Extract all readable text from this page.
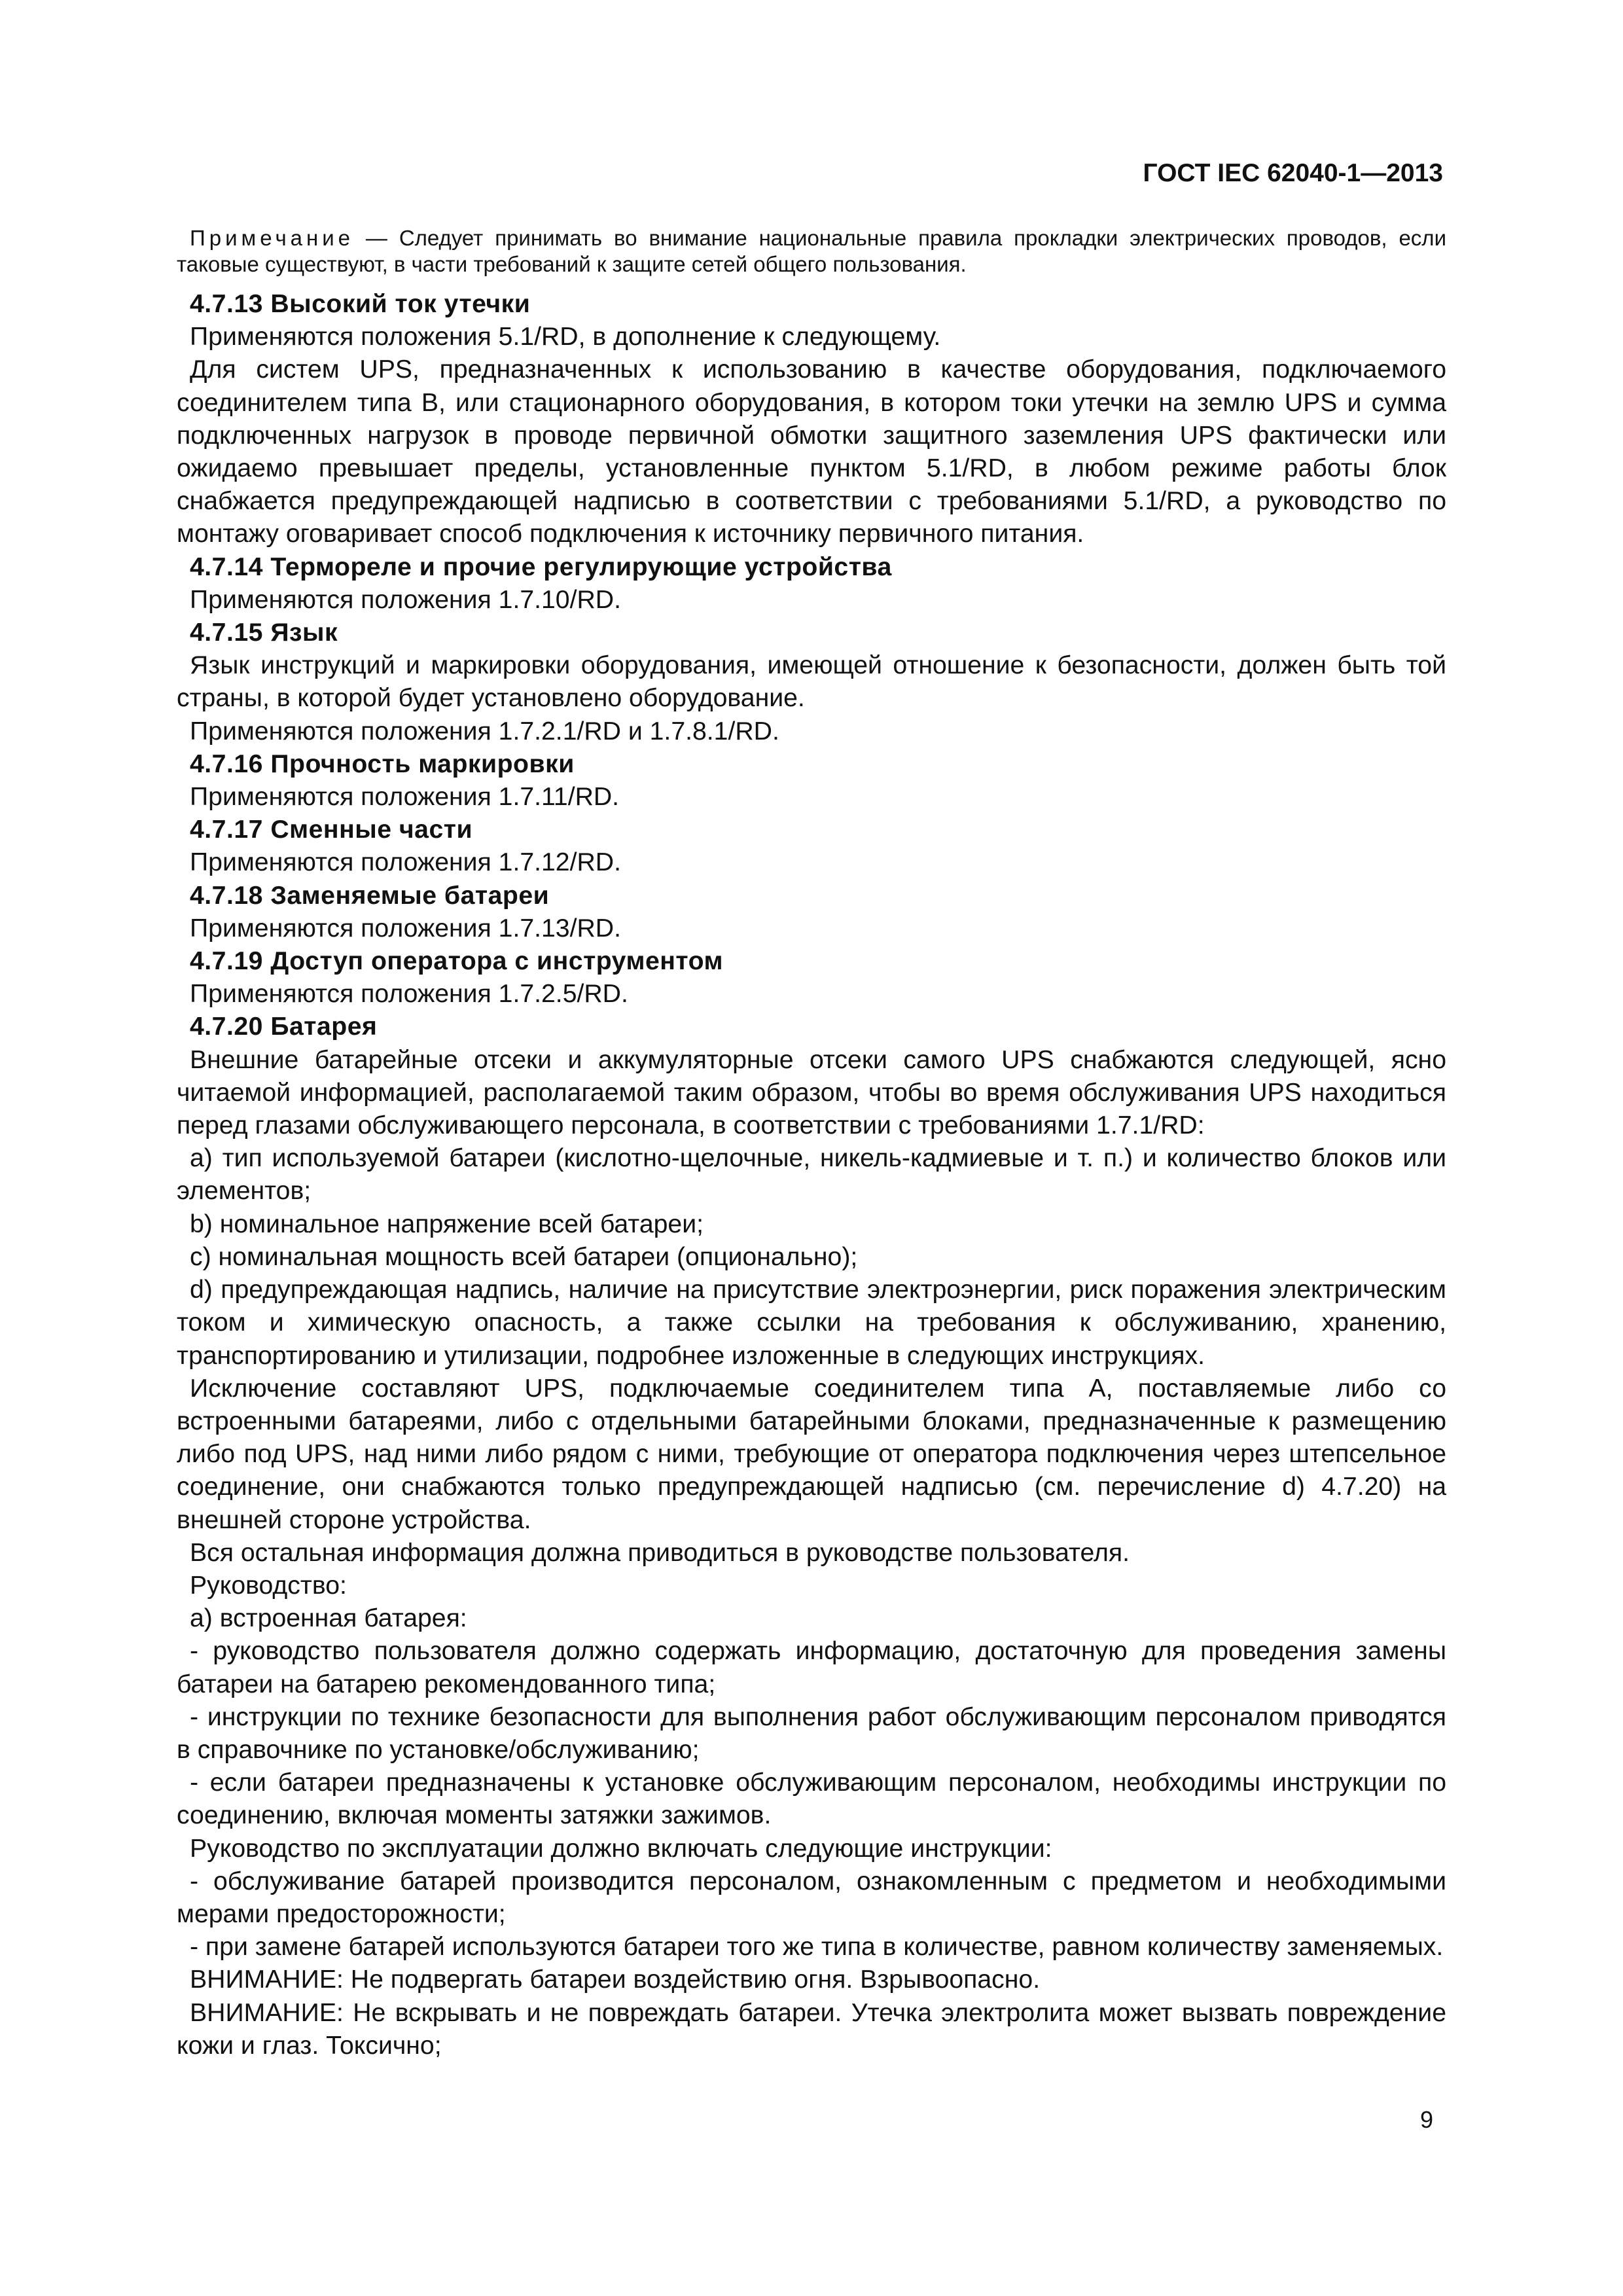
ГОСТ IEC 62040-1—2013

Примечание — Следует принимать во внимание национальные правила прокладки электрических проводов, если таковые существуют, в части требований к защите сетей общего пользования.

4.7.13 Высокий ток утечки

Применяются положения 5.1/RD, в дополнение к следующему.

Для систем UPS, предназначенных к использованию в качестве оборудования, подключаемого соединителем типа В, или стационарного оборудования, в котором токи утечки на землю UPS и сумма подключенных нагрузок в проводе первичной обмотки защитного заземления UPS фактически или ожидаемо превышает пределы, установленные пунктом 5.1/RD, в любом режиме работы блок снабжается предупреждающей надписью в соответствии с требованиями 5.1/RD, а руководство по монтажу оговаривает способ подключения к источнику первичного питания.

4.7.14 Термореле и прочие регулирующие устройства

Применяются положения 1.7.10/RD.

4.7.15 Язык

Язык инструкций и маркировки оборудования, имеющей отношение к безопасности, должен быть той страны, в которой будет установлено оборудование.

Применяются положения 1.7.2.1/RD и 1.7.8.1/RD.

4.7.16 Прочность маркировки

Применяются положения 1.7.11/RD.

4.7.17 Сменные части

Применяются положения 1.7.12/RD.

4.7.18 Заменяемые батареи

Применяются положения 1.7.13/RD.

4.7.19 Доступ оператора с инструментом

Применяются положения 1.7.2.5/RD.

4.7.20 Батарея

Внешние батарейные отсеки и аккумуляторные отсеки самого UPS снабжаются следующей, ясно читаемой информацией, располагаемой таким образом, чтобы во время обслуживания UPS находиться перед глазами обслуживающего персонала, в соответствии с требованиями 1.7.1/RD:

a) тип используемой батареи (кислотно-щелочные, никель-кадмиевые и т. п.) и количество блоков или элементов;

b) номинальное напряжение всей батареи;

c) номинальная мощность всей батареи (опционально);

d) предупреждающая надпись, наличие на присутствие электроэнергии, риск поражения электрическим током и химическую опасность, а также ссылки на требования к обслуживанию, хранению, транспортированию и утилизации, подробнее изложенные в следующих инструкциях.

Исключение составляют UPS, подключаемые соединителем типа А, поставляемые либо со встроенными батареями, либо с отдельными батарейными блоками, предназначенные к размещению либо под UPS, над ними либо рядом с ними, требующие от оператора подключения через штепсельное соединение, они снабжаются только предупреждающей надписью (см. перечисление d) 4.7.20) на внешней стороне устройства.

Вся остальная информация должна приводиться в руководстве пользователя.

Руководство:

a) встроенная батарея:

- руководство пользователя должно содержать информацию, достаточную для проведения замены батареи на батарею рекомендованного типа;

- инструкции по технике безопасности для выполнения работ обслуживающим персоналом приводятся в справочнике по установке/обслуживанию;

- если батареи предназначены к установке обслуживающим персоналом, необходимы инструкции по соединению, включая моменты затяжки зажимов.

Руководство по эксплуатации должно включать следующие инструкции:

- обслуживание батарей производится персоналом, ознакомленным с предметом и необходимыми мерами предосторожности;

- при замене батарей используются батареи того же типа в количестве, равном количеству заменяемых.

ВНИМАНИЕ: Не подвергать батареи воздействию огня. Взрывоопасно.

ВНИМАНИЕ: Не вскрывать и не повреждать батареи. Утечка электролита может вызвать повреждение кожи и глаз. Токсично;

9
